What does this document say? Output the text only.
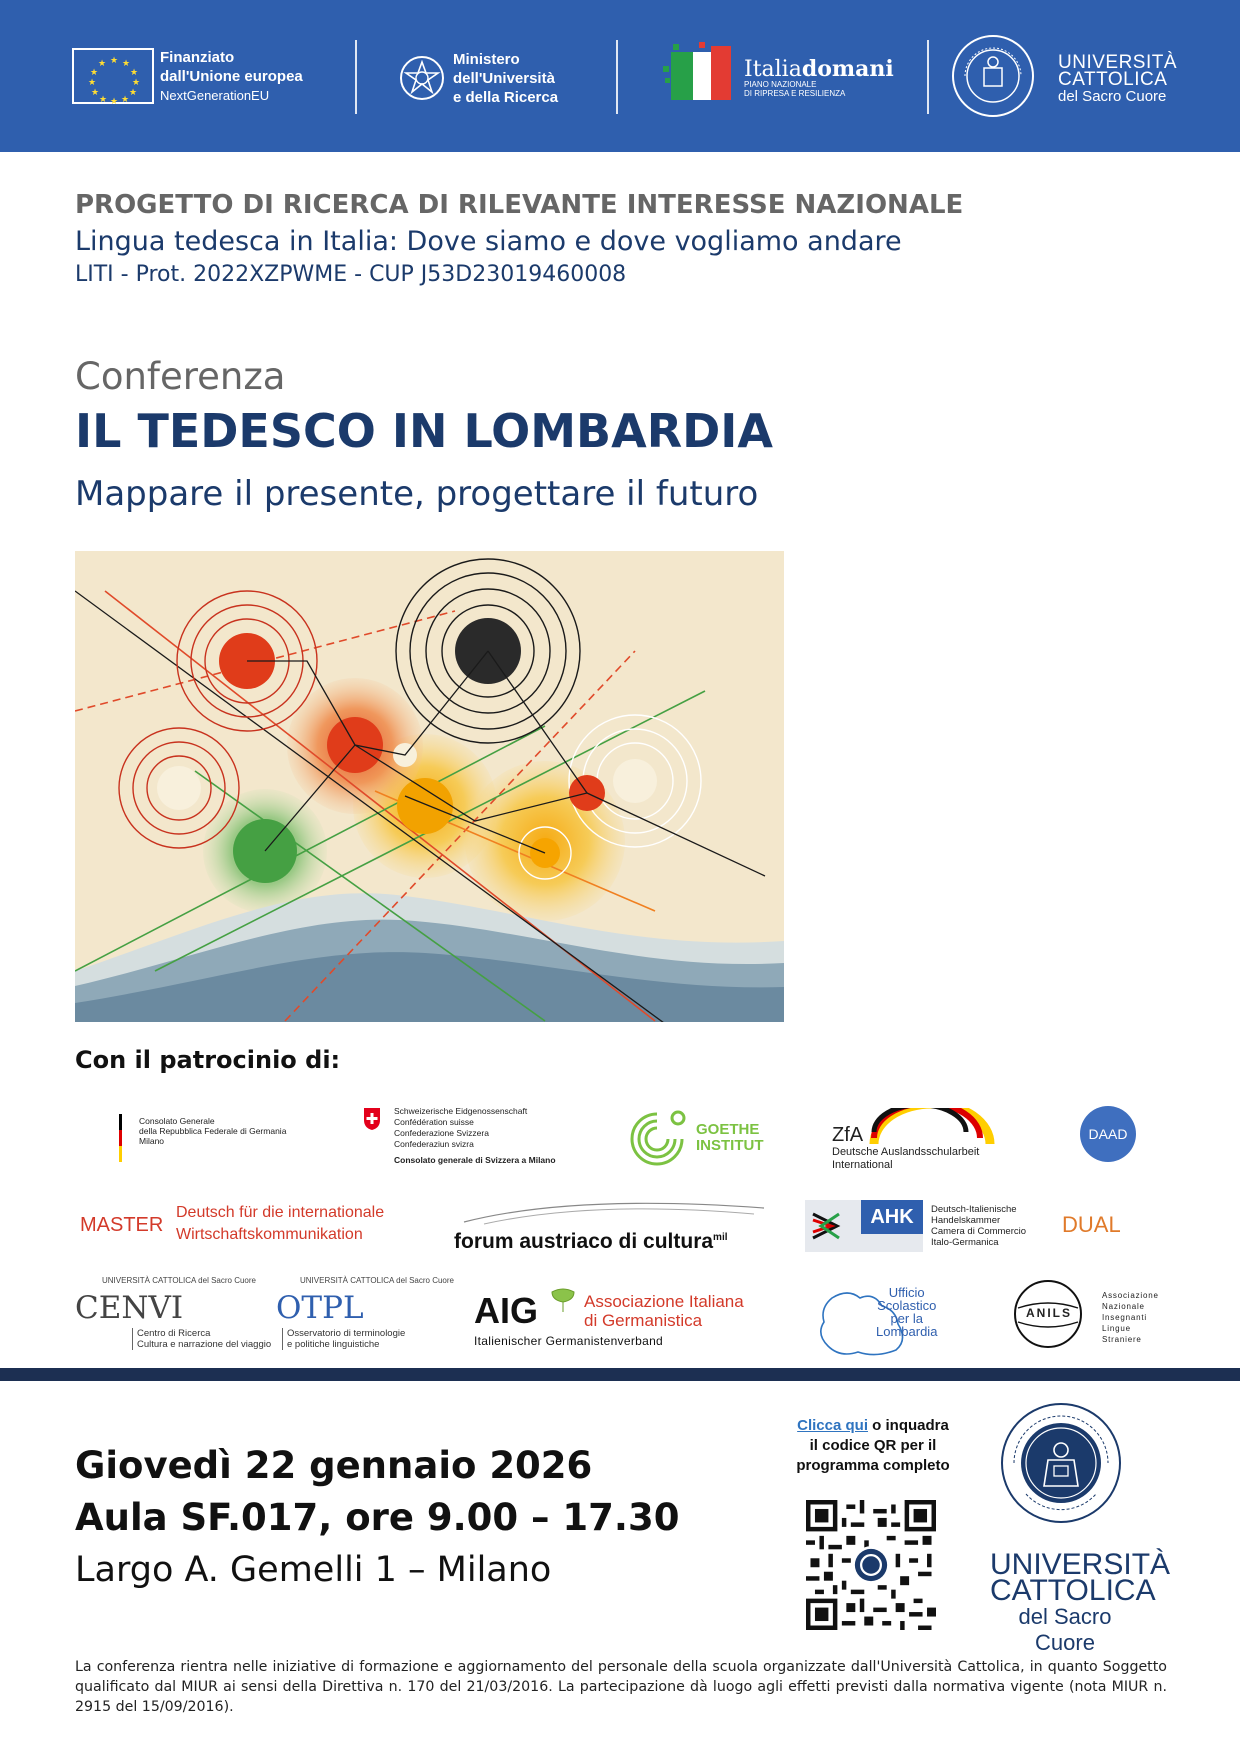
★ ★
★
★
★
★
★
★
★
★
★
★	Finanziato
dall'Unione europea
NextGenerationEU
Ministero
dell'Università
e della Ricerca
Italiadomani
PIANO NAZIONALE
DI RIPRESA E RESILIENZA
UNIVERSITÀ
CATTOLICA
del Sacro Cuore
PROGETTO DI RICERCA DI RILEVANTE INTERESSE NAZIONALE
Lingua tedesca in Italia: Dove siamo e dove vogliamo andare
LITI - Prot. 2022XZPWME - CUP J53D23019460008
Conferenza
IL TEDESCO IN LOMBARDIA
Mappare il presente, progettare il futuro
Con il patrocinio di:
Consolato Generale
della Repubblica Federale di Germania
Milano
Schweizerische Eidgenossenschaft
Confédération suisse
Confederazione Svizzera
Confederaziun svizra
Consolato generale di Svizzera a Milano
GOETHE
INSTITUT	ZfA
Deutsche Auslandsschularbeit
International
DAAD
MASTER
Deutsch für die internationale
Wirtschaftskommunikation	forum austriaco di cultura$^{mil}$
AHK	Deutsch-Italienische
Handelskammer
Camera di Commercio
Italo-Germanica
DUAL
UNIVERSITÀ CATTOLICA del Sacro Cuore
CENVI
Centro di Ricerca
Cultura e narrazione del viaggio
UNIVERSITÀ CATTOLICA del Sacro Cuore
OTPL
Osservatorio di terminologie
e politiche linguistiche
AIG	Associazione Italiana
di Germanistica
Italienischer Germanistenverband
Ufficio
Scolastico
per la
Lombardia
ANILS
Associazione
Nazionale
Insegnanti
Lingue
Straniere
Giovedì 22 gennaio 2026
Aula SF.017, ore 9.00 – 17.30
Largo A. Gemelli 1 – Milano
Clicca qui o inquadra
il codice QR per il
programma completo
UNIVERSITÀ
CATTOLICA
del Sacro Cuore
La conferenza rientra nelle iniziative di formazione e aggiornamento del personale della scuola organizzate dall'Università Cattolica, in quanto Soggetto qualificato dal MIUR ai sensi della Direttiva n. 170 del 21/03/2016. La partecipazione dà luogo agli effetti previsti dalla normativa vigente (nota MIUR n. 2915 del 15/09/2016).
